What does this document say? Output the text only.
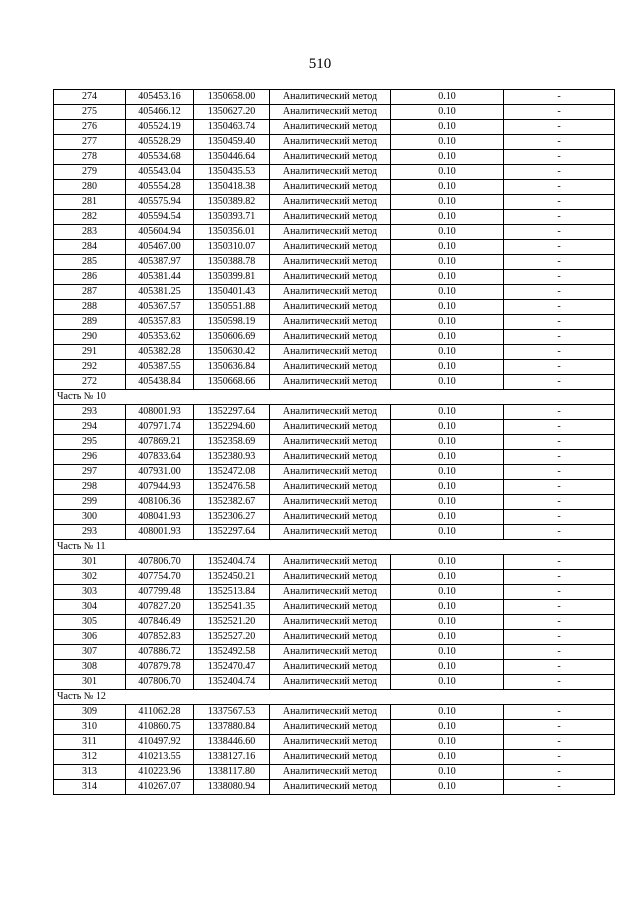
510
274	405453.16	1350658.00	Аналитический метод	0.10	-
275	405466.12	1350627.20	Аналитический метод	0.10	-
276	405524.19	1350463.74	Аналитический метод	0.10	-
277	405528.29	1350459.40	Аналитический метод	0.10	-
278	405534.68	1350446.64	Аналитический метод	0.10	-
279	405543.04	1350435.53	Аналитический метод	0.10	-
280	405554.28	1350418.38	Аналитический метод	0.10	-
281	405575.94	1350389.82	Аналитический метод	0.10	-
282	405594.54	1350393.71	Аналитический метод	0.10	-
283	405604.94	1350356.01	Аналитический метод	0.10	-
284	405467.00	1350310.07	Аналитический метод	0.10	-
285	405387.97	1350388.78	Аналитический метод	0.10	-
286	405381.44	1350399.81	Аналитический метод	0.10	-
287	405381.25	1350401.43	Аналитический метод	0.10	-
288	405367.57	1350551.88	Аналитический метод	0.10	-
289	405357.83	1350598.19	Аналитический метод	0.10	-
290	405353.62	1350606.69	Аналитический метод	0.10	-
291	405382.28	1350630.42	Аналитический метод	0.10	-
292	405387.55	1350636.84	Аналитический метод	0.10	-
272	405438.84	1350668.66	Аналитический метод	0.10	-
Часть № 10					
293	408001.93	1352297.64	Аналитический метод	0.10	-
294	407971.74	1352294.60	Аналитический метод	0.10	-
295	407869.21	1352358.69	Аналитический метод	0.10	-
296	407833.64	1352380.93	Аналитический метод	0.10	-
297	407931.00	1352472.08	Аналитический метод	0.10	-
298	407944.93	1352476.58	Аналитический метод	0.10	-
299	408106.36	1352382.67	Аналитический метод	0.10	-
300	408041.93	1352306.27	Аналитический метод	0.10	-
293	408001.93	1352297.64	Аналитический метод	0.10	-
Часть № 11					
301	407806.70	1352404.74	Аналитический метод	0.10	-
302	407754.70	1352450.21	Аналитический метод	0.10	-
303	407799.48	1352513.84	Аналитический метод	0.10	-
304	407827.20	1352541.35	Аналитический метод	0.10	-
305	407846.49	1352521.20	Аналитический метод	0.10	-
306	407852.83	1352527.20	Аналитический метод	0.10	-
307	407886.72	1352492.58	Аналитический метод	0.10	-
308	407879.78	1352470.47	Аналитический метод	0.10	-
301	407806.70	1352404.74	Аналитический метод	0.10	-
Часть № 12					
309	411062.28	1337567.53	Аналитический метод	0.10	-
310	410860.75	1337880.84	Аналитический метод	0.10	-
311	410497.92	1338446.60	Аналитический метод	0.10	-
312	410213.55	1338127.16	Аналитический метод	0.10	-
313	410223.96	1338117.80	Аналитический метод	0.10	-
314	410267.07	1338080.94	Аналитический метод	0.10	-
